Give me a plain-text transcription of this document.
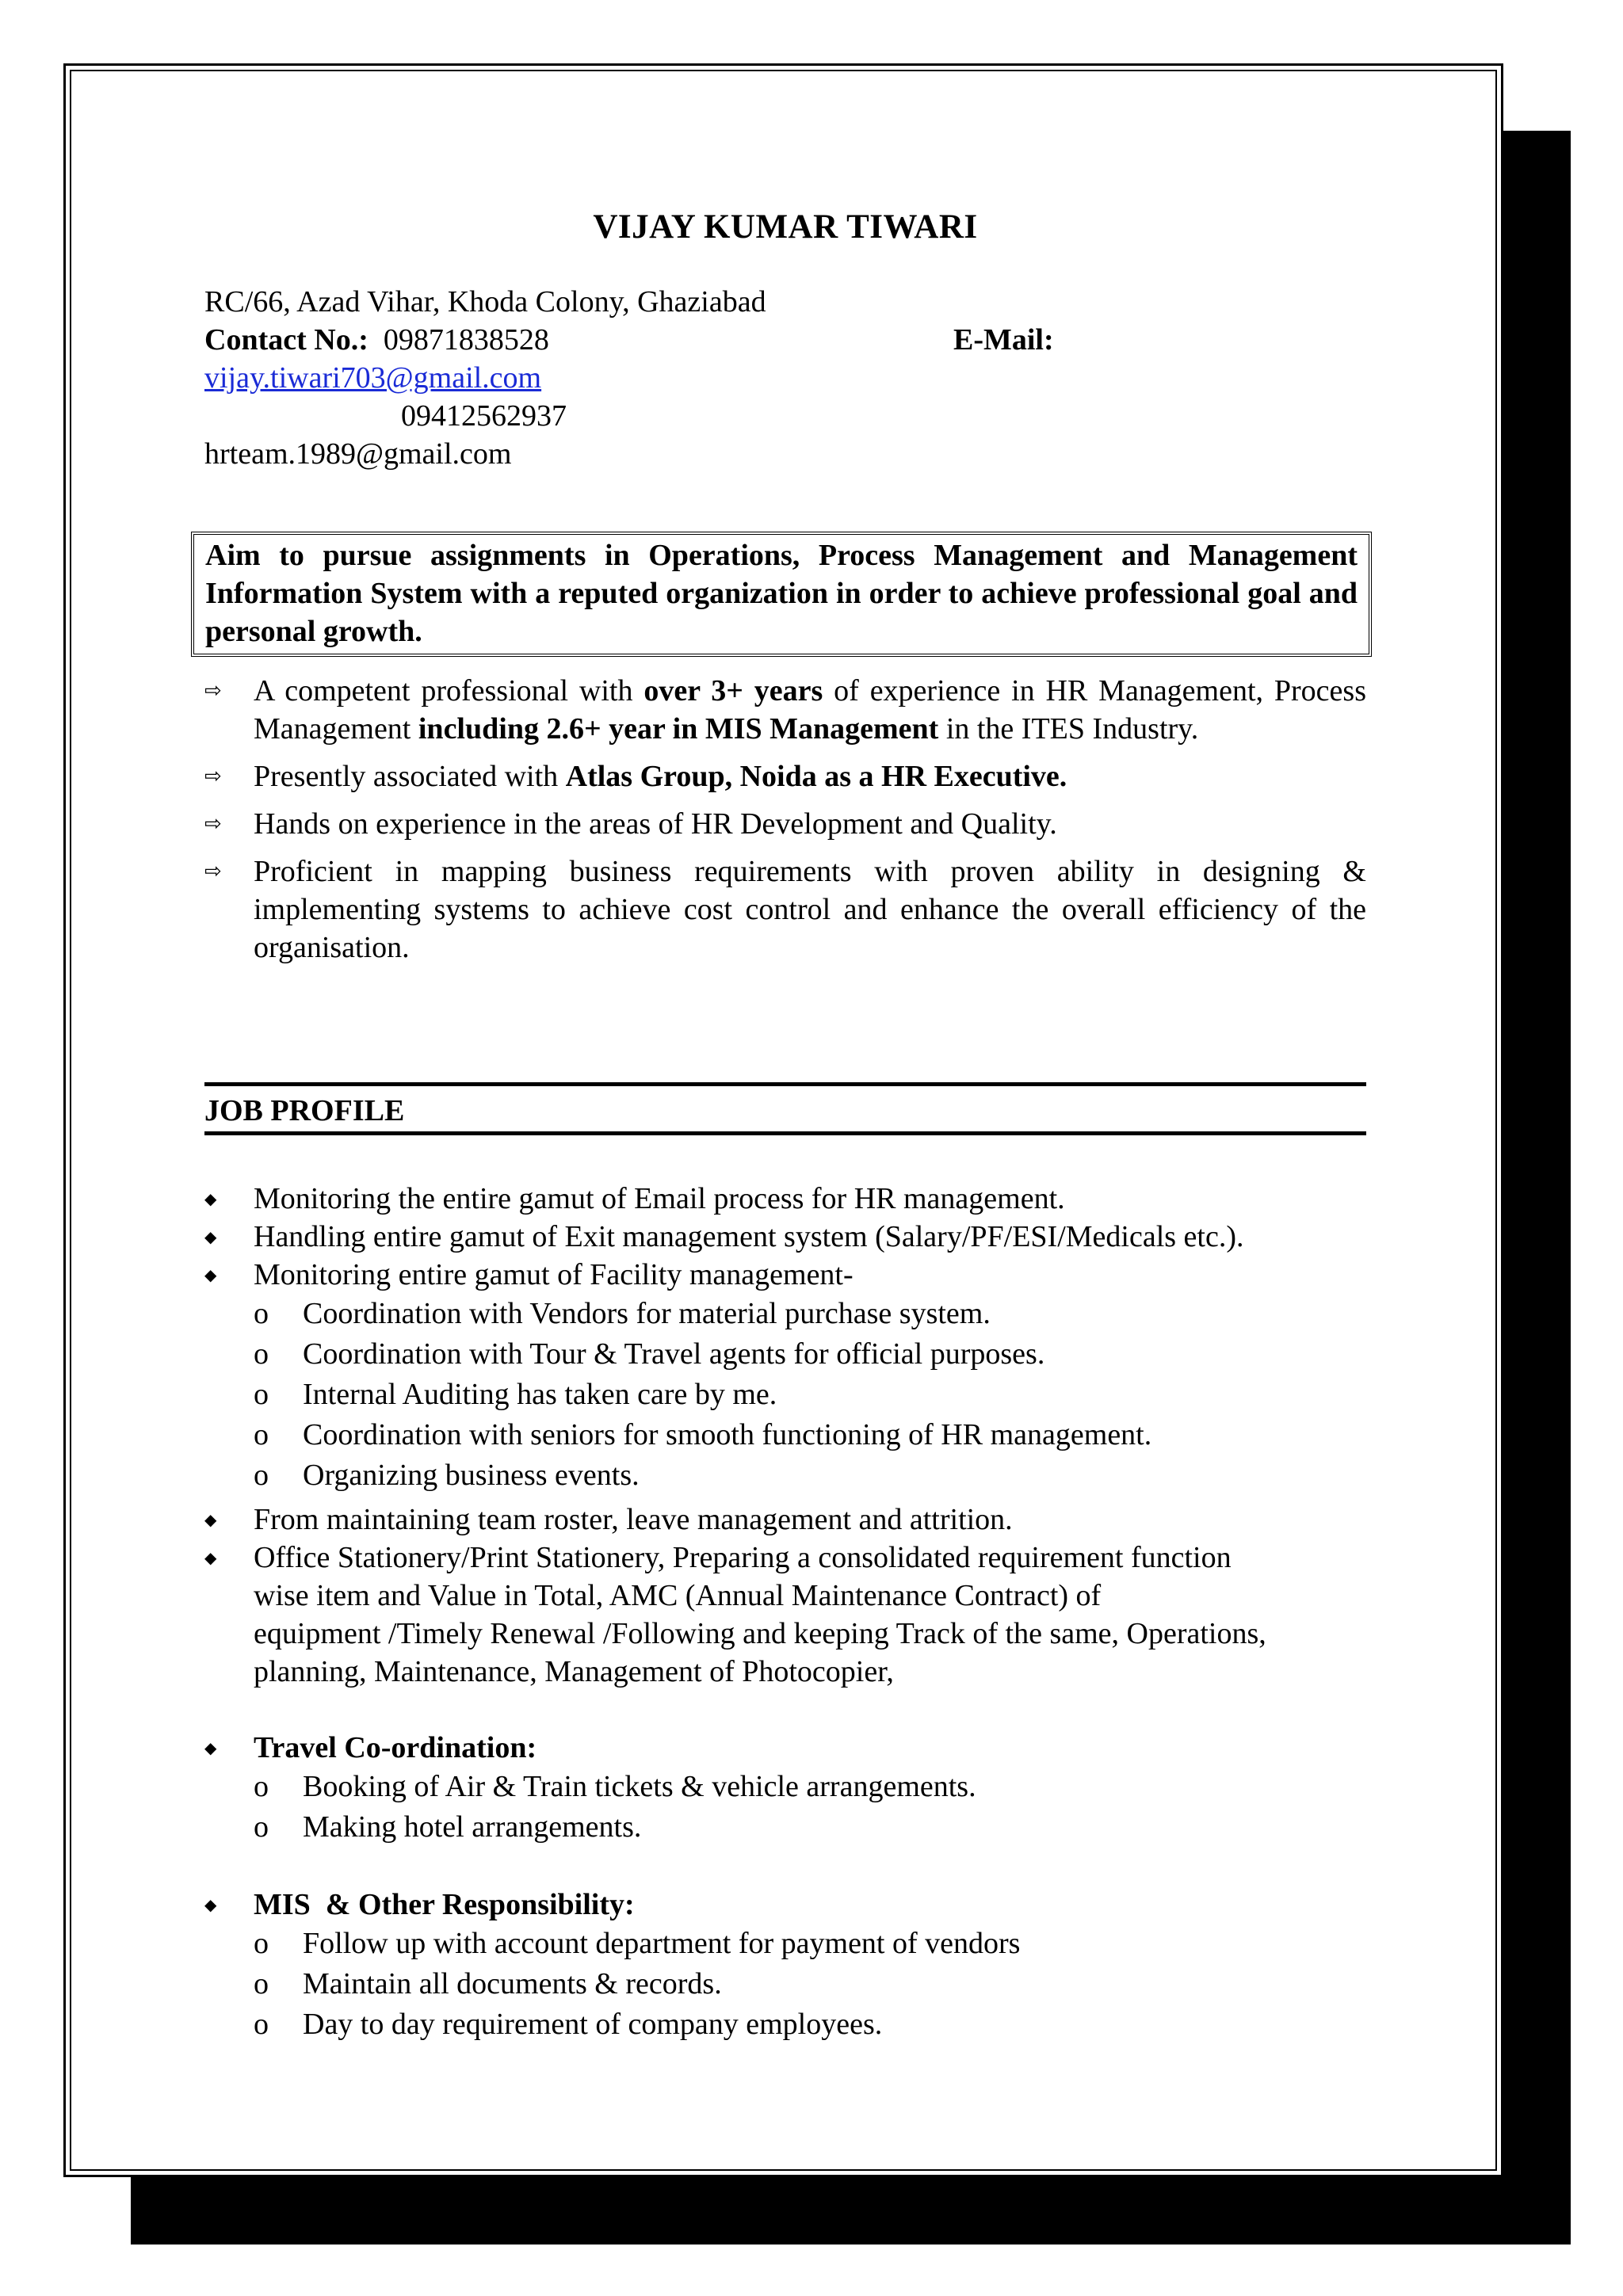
VIJAY KUMAR TIWARI
RC/66, Azad Vihar, Khoda Colony, Ghaziabad
Contact No.: 09871838528	E-Mail:
vijay.tiwari703@gmail.com
09412562937
hrteam.1989@gmail.com
Aim to pursue assignments in Operations, Process Management and Management Information System with a reputed organization in order to achieve professional goal and personal growth.
⇨ A competent professional with over 3+ years of experience in HR Management, Process Management including 2.6+ year in MIS Management in the ITES Industry.
⇨ Presently associated with Atlas Group, Noida as a HR Executive.
⇨ Hands on experience in the areas of HR Development and Quality.
⇨ Proficient in mapping business requirements with proven ability in designing & implementing systems to achieve cost control and enhance the overall efficiency of the organisation.
JOB PROFILE
◆ Monitoring the entire gamut of Email process for HR management.
◆ Handling entire gamut of Exit management system (Salary/PF/ESI/Medicals etc.).
◆ Monitoring entire gamut of Facility management-
o Coordination with Vendors for material purchase system.
o Coordination with Tour & Travel agents for official purposes.
o Internal Auditing has taken care by me.
o Coordination with seniors for smooth functioning of HR management.
o Organizing business events.
◆ From maintaining team roster, leave management and attrition.
◆ Office Stationery/Print Stationery, Preparing a consolidated requirement function
wise item and Value in Total, AMC (Annual Maintenance Contract) of
equipment /Timely Renewal /Following and keeping Track of the same, Operations,
planning, Maintenance, Management of Photocopier,
◆ Travel Co-ordination:
o Booking of Air & Train tickets & vehicle arrangements.
o Making hotel arrangements.
◆ MIS  & Other Responsibility:
o Follow up with account department for payment of vendors
o Maintain all documents & records.
o Day to day requirement of company employees.
